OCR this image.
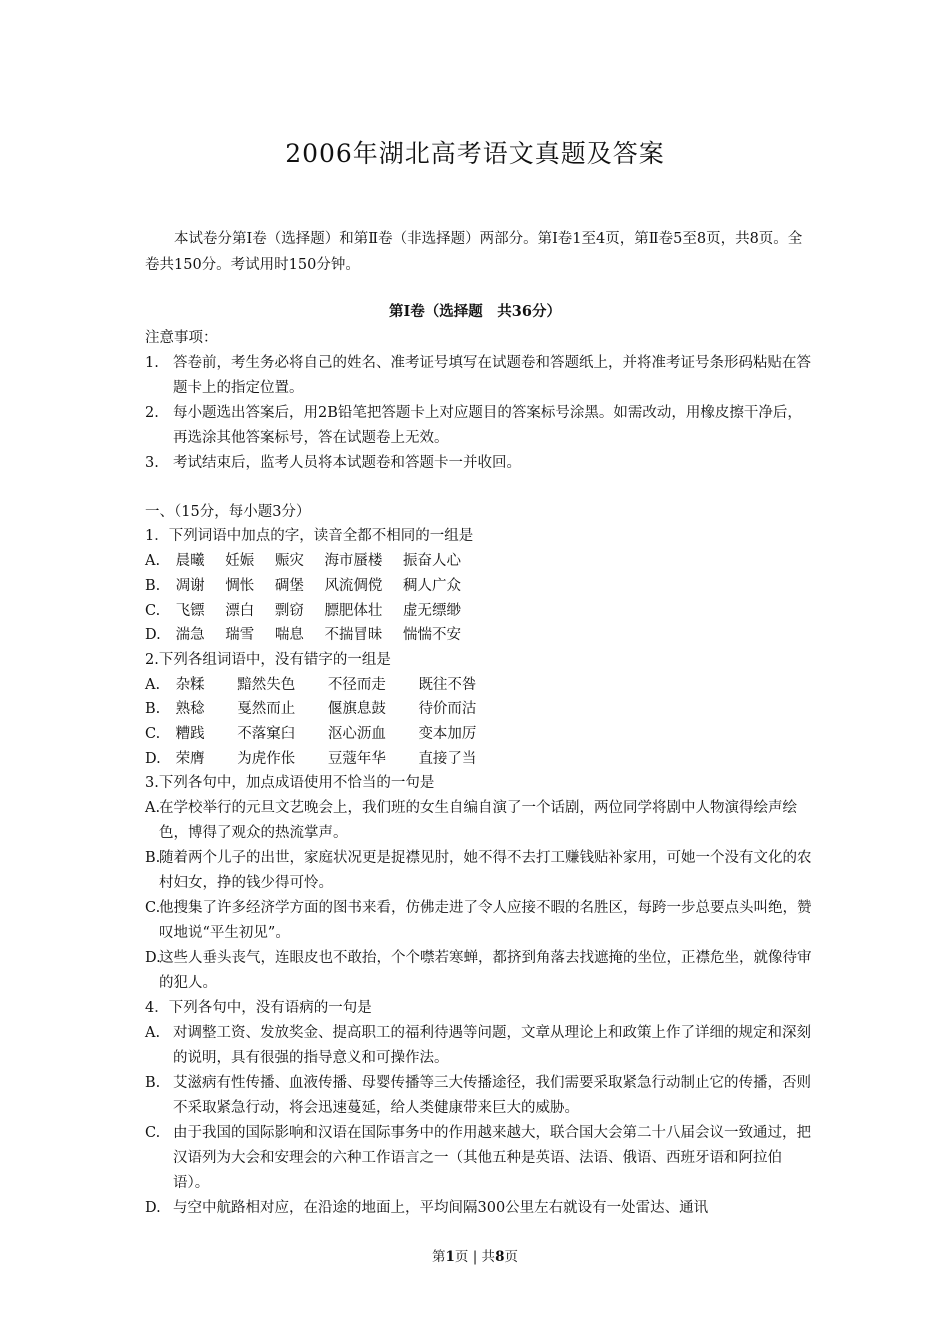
2006年湖北高考语文真题及答案
本试卷分第Ⅰ卷（选择题）和第Ⅱ卷（非选择题）两部分。第Ⅰ卷1至4页，第Ⅱ卷5至8页，共8页。全卷共150分。考试用时150分钟。
第Ⅰ卷（选择题　共36分）
注意事项：
1. 答卷前，考生务必将自己的姓名、准考证号填写在试题卷和答题纸上，并将准考证号条形码粘贴在答题卡上的指定位置。
2. 每小题选出答案后，用2B铅笔把答题卡上对应题目的答案标号涂黑。如需改动，用橡皮擦干净后，再选涂其他答案标号，答在试题卷上无效。
3. 考试结束后，监考人员将本试题卷和答题卡一并收回。
一、（15分，每小题3分）
1．下列词语中加点的字，读音全都不相同的一组是
A. 晨曦 妊娠 赈灾 海市蜃楼 振奋人心
B. 凋谢 惆怅 碉堡 风流倜傥 稠人广众
C. 飞镖 漂白 剽窃 膘肥体壮 虚无缥缈
D. 湍急 瑞雪 喘息 不揣冒昧 惴惴不安
2.下列各组词语中，没有错字的一组是
A. 杂糅 黯然失色 不径而走 既往不咎
B. 熟稔 戛然而止 偃旗息鼓 待价而沽
C. 糟践 不落窠臼 沤心沥血 变本加厉
D. 荣膺 为虎作伥 豆蔻年华 直接了当
3.下列各句中，加点成语使用不恰当的一句是
A.
在学校举行的元旦文艺晚会上，我们班的女生自编自演了一个话剧，两位同学将剧中人物演得绘声绘色，博得了观众的热流掌声。
B.
随着两个儿子的出世，家庭状况更是捉襟见肘，她不得不去打工赚钱贴补家用，可她一个没有文化的农村妇女，挣的钱少得可怜。
C.
他搜集了许多经济学方面的图书来看，仿佛走进了令人应接不暇的名胜区，每跨一步总要点头叫绝，赞叹地说“平生初见”。
D.
这些人垂头丧气，连眼皮也不敢抬，个个噤若寒蝉，都挤到角落去找遮掩的坐位，正襟危坐，就像待审的犯人。
4．下列各句中，没有语病的一句是
A. 对调整工资、发放奖金、提高职工的福利待遇等问题，文章从理论上和政策上作了详细的规定和深刻的说明，具有很强的指导意义和可操作法。
B. 艾滋病有性传播、血液传播、母婴传播等三大传播途径，我们需要采取紧急行动制止它的传播，否则不采取紧急行动，将会迅速蔓延，给人类健康带来巨大的威胁。
C. 由于我国的国际影响和汉语在国际事务中的作用越来越大，联合国大会第二十八届会议一致通过，把汉语列为大会和安理会的六种工作语言之一（其他五种是英语、法语、俄语、西班牙语和阿拉伯语）。
D. 与空中航路相对应，在沿途的地面上，平均间隔300公里左右就设有一处雷达、通讯
第1页 | 共8页
